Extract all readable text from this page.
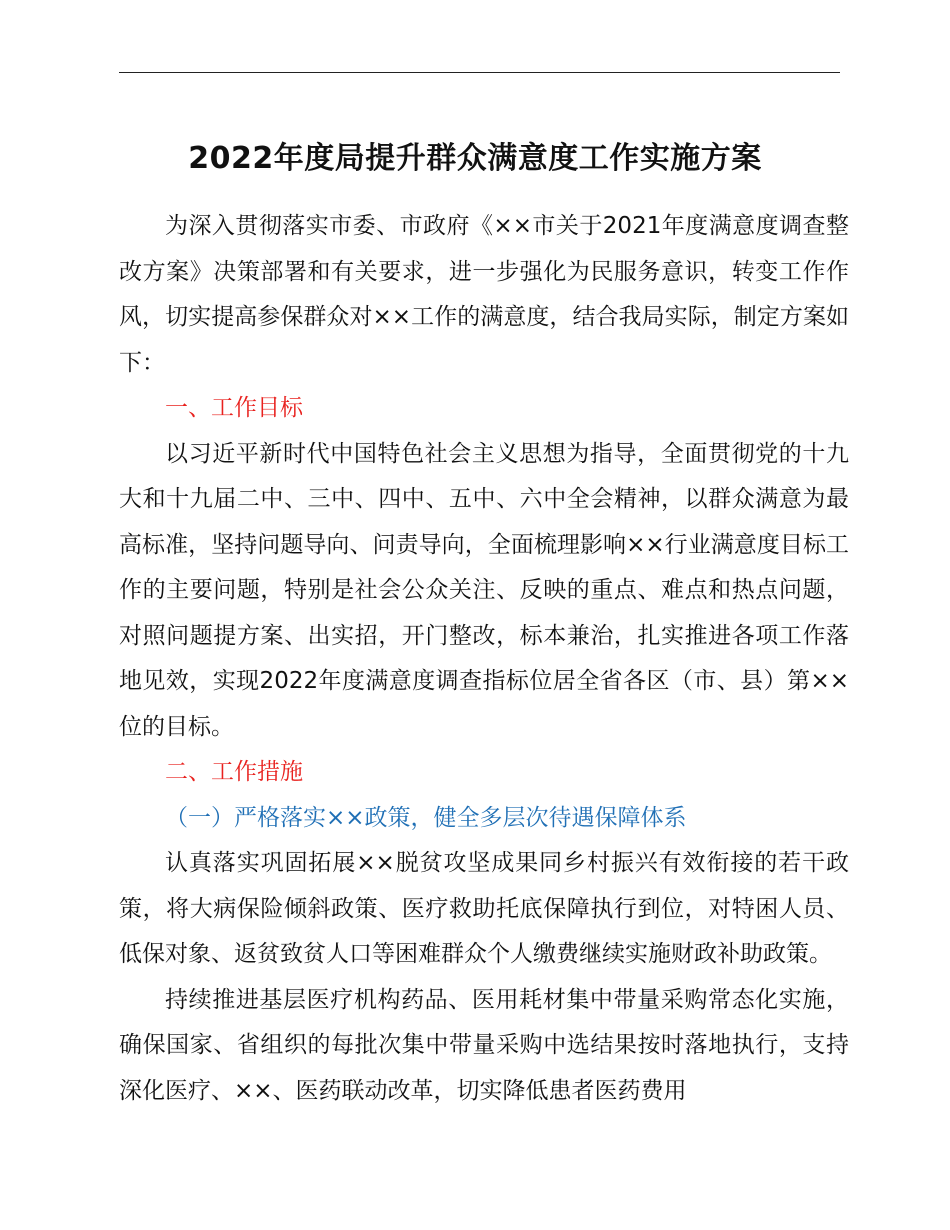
2022年度局提升群众满意度工作实施方案

为深入贯彻落实市委、市政府《××市关于2021年度满意度调查整改方案》决策部署和有关要求，进一步强化为民服务意识，转变工作作风，切实提高参保群众对××工作的满意度，结合我局实际，制定方案如下：

一、工作目标

以习近平新时代中国特色社会主义思想为指导，全面贯彻党的十九大和十九届二中、三中、四中、五中、六中全会精神，以群众满意为最高标准，坚持问题导向、问责导向，全面梳理影响××行业满意度目标工作的主要问题，特别是社会公众关注、反映的重点、难点和热点问题，对照问题提方案、出实招，开门整改，标本兼治，扎实推进各项工作落地见效，实现2022年度满意度调查指标位居全省各区（市、县）第××位的目标。

二、工作措施

（一）严格落实××政策，健全多层次待遇保障体系

认真落实巩固拓展××脱贫攻坚成果同乡村振兴有效衔接的若干政策，将大病保险倾斜政策、医疗救助托底保障执行到位，对特困人员、低保对象、返贫致贫人口等困难群众个人缴费继续实施财政补助政策。

持续推进基层医疗机构药品、医用耗材集中带量采购常态化实施，确保国家、省组织的每批次集中带量采购中选结果按时落地执行，支持深化医疗、××、医药联动改革，切实降低患者医药费用
